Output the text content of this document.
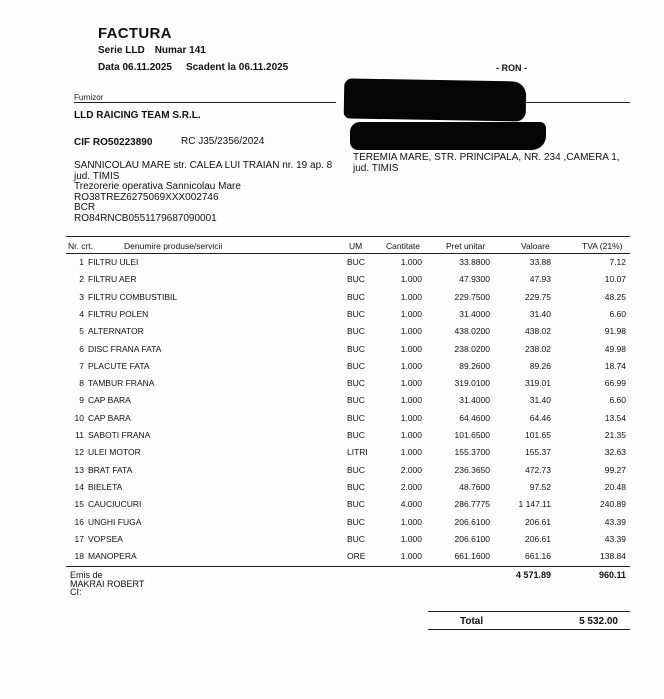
FACTURA
Serie LLD Numar 141
Data 06.11.2025 Scadent la 06.11.2025	- RON -
Furnizor
LLD RAICING TEAM S.R.L.
CIF RO50223890	RC J35/2356/2024
SANNICOLAU MARE str. CALEA LUI TRAIAN nr. 19 ap. 8
jud. TIMIS
Trezorerie operativa Sannicolau Mare
RO38TREZ6275069XXX002746
BCR
RO84RNCB0551179687090001
TEREMIA MARE, STR. PRINCIPALA, NR. 234 ,CAMERA 1,
jud. TIMIS
Nr. crt.	Denumire produse/servicii	UM	Cantitate	Pret unitar	Valoare	TVA (21%)
1 FILTRU ULEI	BUC	1.000	33.8800	33.88	7.12
2 FILTRU AER	BUC	1.000	47.9300	47.93	10.07
3 FILTRU COMBUSTIBIL	BUC	1.000	229.7500	229.75	48.25
4 FILTRU POLEN	BUC	1.000	31.4000	31.40	6.60
5 ALTERNATOR	BUC	1.000	438.0200	438.02	91.98
6 DISC FRANA FATA	BUC	1.000	238.0200	238.02	49.98
7 PLACUTE FATA	BUC	1.000	89.2600	89.26	18.74
8 TAMBUR FRANA	BUC	1.000	319.0100	319.01	66.99
9 CAP BARA	BUC	1.000	31.4000	31.40	6.60
10 CAP BARA	BUC	1.000	64.4600	64.46	13.54
11 SABOTI FRANA	BUC	1.000	101.6500	101.65	21.35
12 ULEI MOTOR	LITRI	1.000	155.3700	155.37	32.63
13 BRAT FATA	BUC	2.000	236.3650	472.73	99.27
14 BIELETA	BUC	2.000	48.7600	97.52	20.48
15 CAUCIUCURI	BUC	4.000	286.7775	1 147.11	240.89
16 UNGHI FUGA	BUC	1.000	206.6100	206.61	43.39
17 VOPSEA	BUC	1.000	206.6100	206.61	43.39
18 MANOPERA	ORE	1.000	661.1600	661.16	138.84
Emis de
MAKRAI ROBERT
CI:
4 571.89	960.11
Total	5 532.00
